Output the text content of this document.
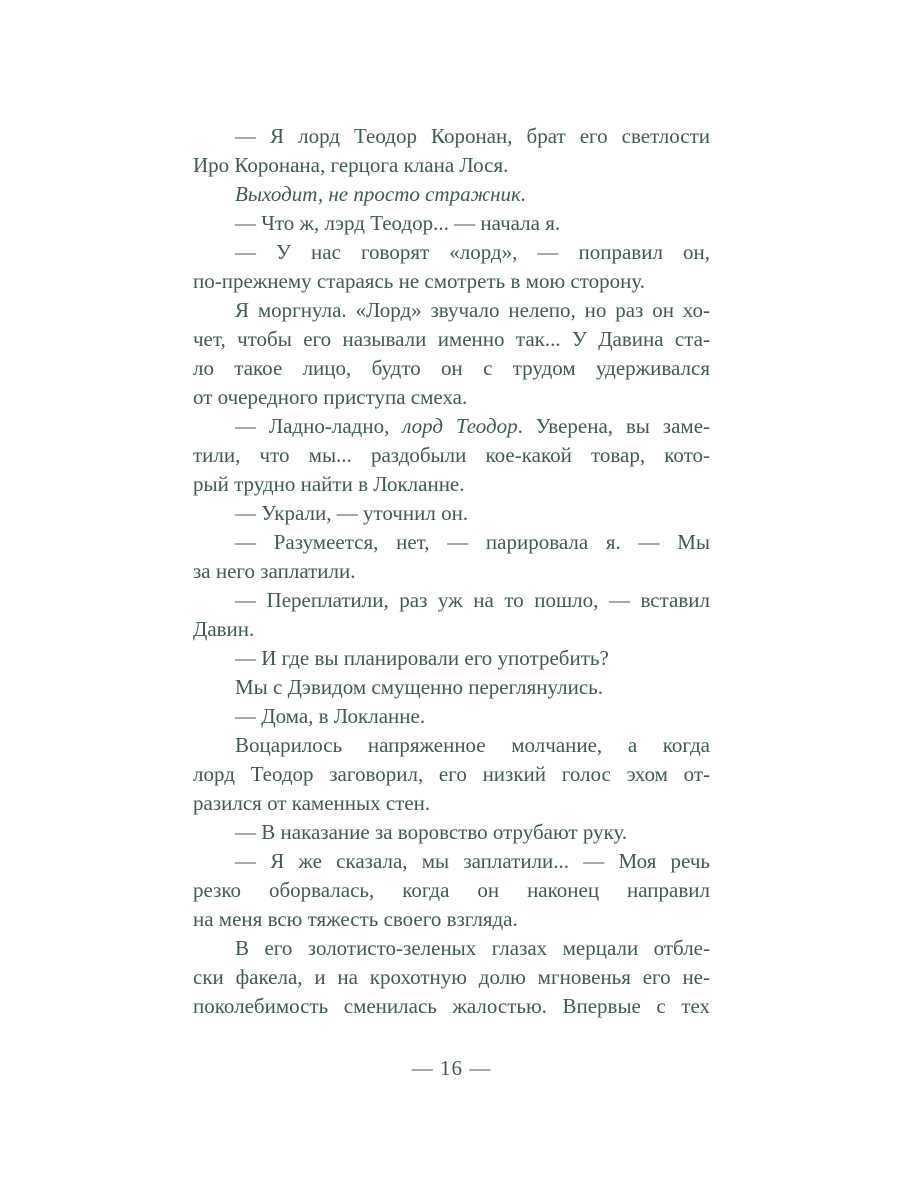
— Я лорд Теодор Коронан, брат его светлости
Иро Коронана, герцога клана Лося.
Выходит, не просто стражник.
— Что ж, лэрд Теодор... — начала я.
— У нас говорят «лорд», — поправил он,
по-прежнему стараясь не смотреть в мою сторону.
Я моргнула. «Лорд» звучало нелепо, но раз он хо-
чет, чтобы его называли именно так... У Давина ста-
ло такое лицо, будто он с трудом удерживался
от очередного приступа смеха.
— Ладно-ладно, лорд Теодор. Уверена, вы заме-
тили, что мы... раздобыли кое-какой товар, кото-
рый трудно найти в Локланне.
— Украли, — уточнил он.
— Разумеется, нет, — парировала я. — Мы
за него заплатили.
— Переплатили, раз уж на то пошло, — вставил
Давин.
— И где вы планировали его употребить?
Мы с Дэвидом смущенно переглянулись.
— Дома, в Локланне.
Воцарилось напряженное молчание, а когда
лорд Теодор заговорил, его низкий голос эхом от-
разился от каменных стен.
— В наказание за воровство отрубают руку.
— Я же сказала, мы заплатили... — Моя речь
резко оборвалась, когда он наконец направил
на меня всю тяжесть своего взгляда.
В его золотисто-зеленых глазах мерцали отбле-
ски факела, и на крохотную долю мгновенья его не-
поколебимость сменилась жалостью. Впервые с тех
— 16 —
